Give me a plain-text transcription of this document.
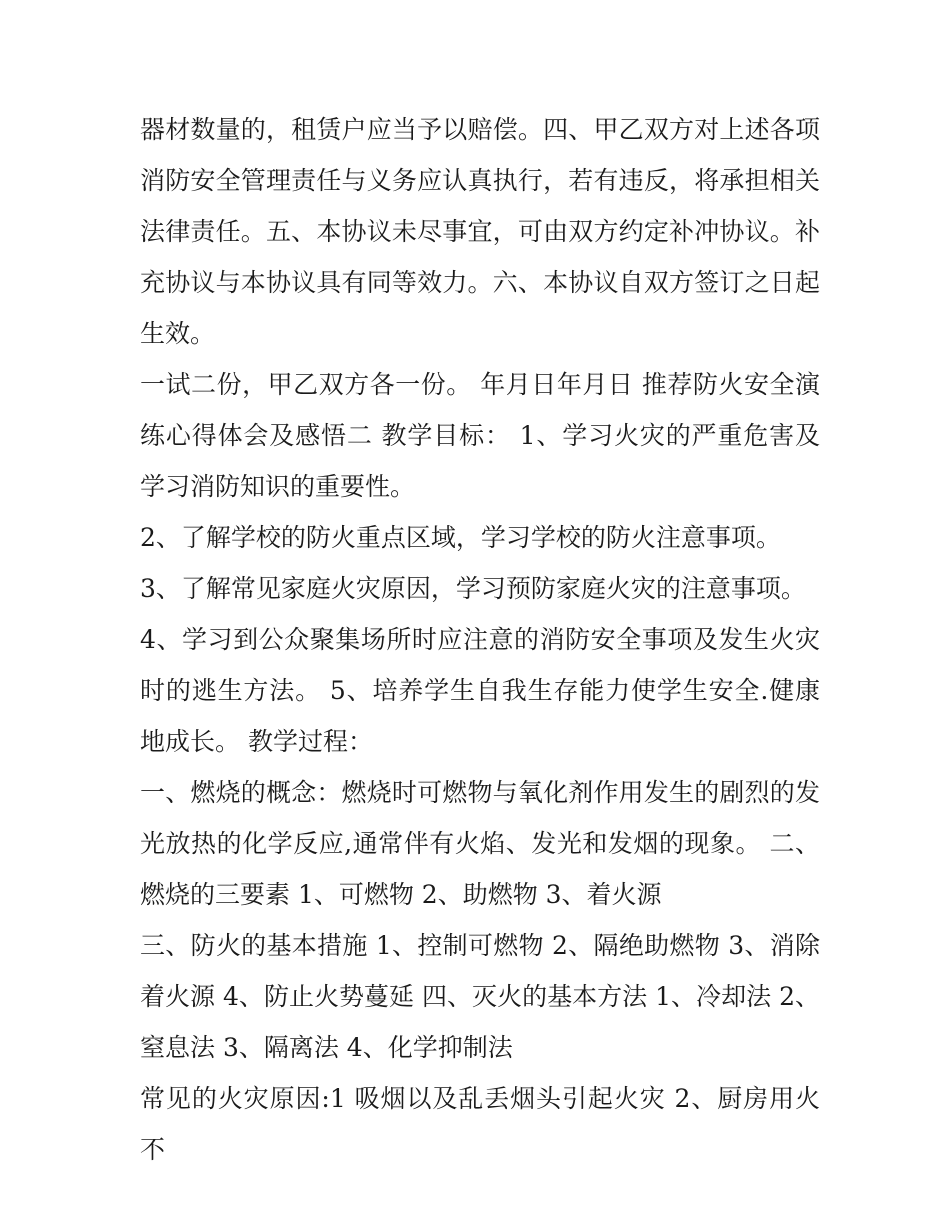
器材数量的，租赁户应当予以赔偿。四、甲乙双方对上述各项消防安全管理责任与义务应认真执行，若有违反，将承担相关法律责任。五、本协议未尽事宜，可由双方约定补冲协议。补充协议与本协议具有同等效力。六、本协议自双方签订之日起生效。

一试二份，甲乙双方各一份。 年月日年月日 推荐防火安全演练心得体会及感悟二 教学目标： 1、学习火灾的严重危害及学习消防知识的重要性。

2、了解学校的防火重点区域，学习学校的防火注意事项。

3、了解常见家庭火灾原因，学习预防家庭火灾的注意事项。

4、学习到公众聚集场所时应注意的消防安全事项及发生火灾时的逃生方法。 5、培养学生自我生存能力使学生安全.健康地成长。 教学过程：

一、燃烧的概念：燃烧时可燃物与氧化剂作用发生的剧烈的发光放热的化学反应,通常伴有火焰、发光和发烟的现象。 二、燃烧的三要素 1、可燃物 2、助燃物 3、着火源

三、防火的基本措施 1、控制可燃物 2、隔绝助燃物 3、消除着火源 4、防止火势蔓延 四、灭火的基本方法 1、冷却法 2、窒息法 3、隔离法 4、化学抑制法

常见的火灾原因:1 吸烟以及乱丢烟头引起火灾 2、厨房用火不
